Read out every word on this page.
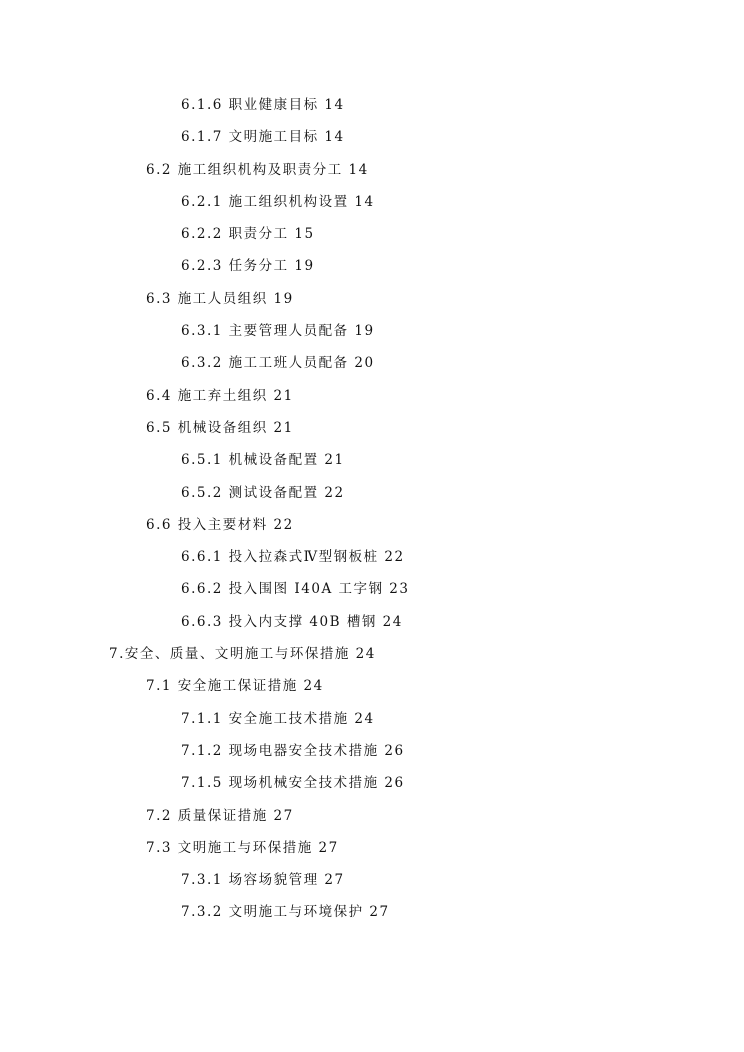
6.1.6 职业健康目标 14
6.1.7 文明施工目标 14
6.2 施工组织机构及职责分工 14
6.2.1 施工组织机构设置 14
6.2.2 职责分工 15
6.2.3 任务分工 19
6.3 施工人员组织 19
6.3.1 主要管理人员配备 19
6.3.2 施工工班人员配备 20
6.4 施工弃土组织 21
6.5 机械设备组织 21
6.5.1 机械设备配置 21
6.5.2 测试设备配置 22
6.6 投入主要材料 22
6.6.1 投入拉森式Ⅳ型钢板桩 22
6.6.2 投入围图 I40A 工字钢 23
6.6.3 投入内支撑 40B 槽钢 24
7.安全、质量、文明施工与环保措施 24
7.1 安全施工保证措施 24
7.1.1 安全施工技术措施 24
7.1.2 现场电器安全技术措施 26
7.1.5 现场机械安全技术措施 26
7.2 质量保证措施 27
7.3 文明施工与环保措施 27
7.3.1 场容场貌管理 27
7.3.2 文明施工与环境保护 27
